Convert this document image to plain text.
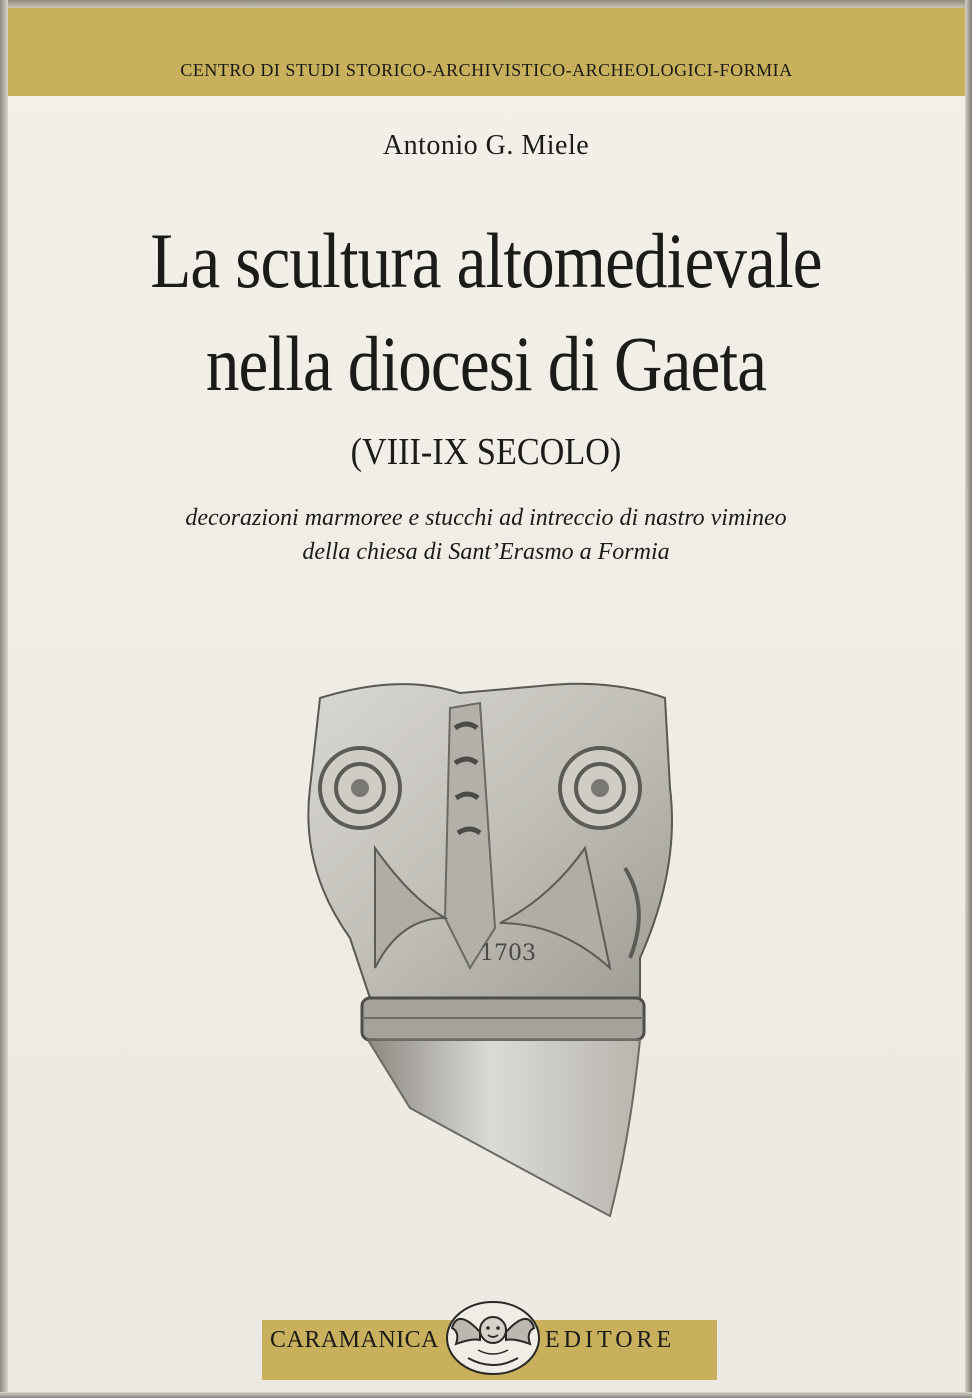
CENTRO DI STUDI STORICO-ARCHIVISTICO-ARCHEOLOGICI-FORMIA
Antonio G. Miele
La scultura altomedievale
nella diocesi di Gaeta
(VIII-IX SECOLO)
decorazioni marmoree e stucchi ad intreccio di nastro vimineo
della chiesa di Sant’Erasmo a Formia
1703
CARAMANICA	EDITORE
